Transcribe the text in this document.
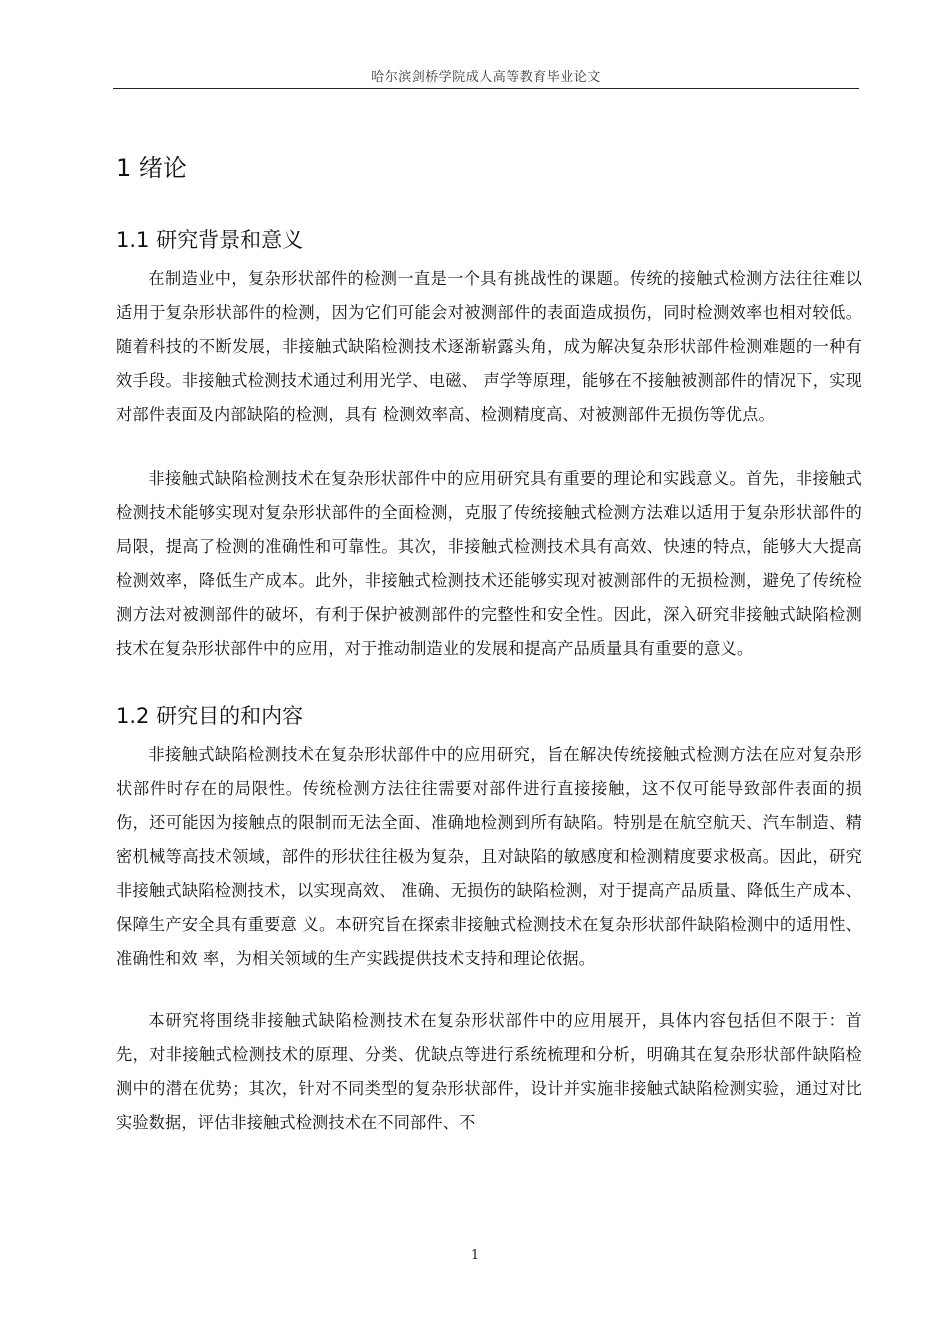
哈尔滨剑桥学院成人高等教育毕业论文
1 绪论
1.1 研究背景和意义

在制造业中，复杂形状部件的检测一直是一个具有挑战性的课题。传统的接触式检测方法往往难以适用于复杂形状部件的检测，因为它们可能会对被测部件的表面造成损伤，同时检测效率也相对较低。随着科技的不断发展，非接触式缺陷检测技术逐渐崭露头角，成为解决复杂形状部件检测难题的一种有效手段。非接触式检测技术通过利用光学、电磁、 声学等原理，能够在不接触被测部件的情况下，实现对部件表面及内部缺陷的检测，具有 检测效率高、检测精度高、对被测部件无损伤等优点。

非接触式缺陷检测技术在复杂形状部件中的应用研究具有重要的理论和实践意义。首先，非接触式检测技术能够实现对复杂形状部件的全面检测，克服了传统接触式检测方法难以适用于复杂形状部件的局限，提高了检测的准确性和可靠性。其次，非接触式检测技术具有高效、快速的特点，能够大大提高检测效率，降低生产成本。此外，非接触式检测技术还能够实现对被测部件的无损检测，避免了传统检测方法对被测部件的破坏，有利于保护被测部件的完整性和安全性。因此，深入研究非接触式缺陷检测技术在复杂形状部件中的应用，对于推动制造业的发展和提高产品质量具有重要的意义。

1.2 研究目的和内容

非接触式缺陷检测技术在复杂形状部件中的应用研究，旨在解决传统接触式检测方法在应对复杂形状部件时存在的局限性。传统检测方法往往需要对部件进行直接接触，这不仅可能导致部件表面的损伤，还可能因为接触点的限制而无法全面、准确地检测到所有缺陷。特别是在航空航天、汽车制造、精密机械等高技术领域，部件的形状往往极为复杂，且对缺陷的敏感度和检测精度要求极高。因此，研究非接触式缺陷检测技术，以实现高效、 准确、无损伤的缺陷检测，对于提高产品质量、降低生产成本、保障生产安全具有重要意 义。本研究旨在探索非接触式检测技术在复杂形状部件缺陷检测中的适用性、准确性和效 率，为相关领域的生产实践提供技术支持和理论依据。

本研究将围绕非接触式缺陷检测技术在复杂形状部件中的应用展开，具体内容包括但不限于：首先，对非接触式检测技术的原理、分类、优缺点等进行系统梳理和分析，明确其在复杂形状部件缺陷检测中的潜在优势；其次，针对不同类型的复杂形状部件，设计并实施非接触式缺陷检测实验，通过对比实验数据，评估非接触式检测技术在不同部件、不

1
